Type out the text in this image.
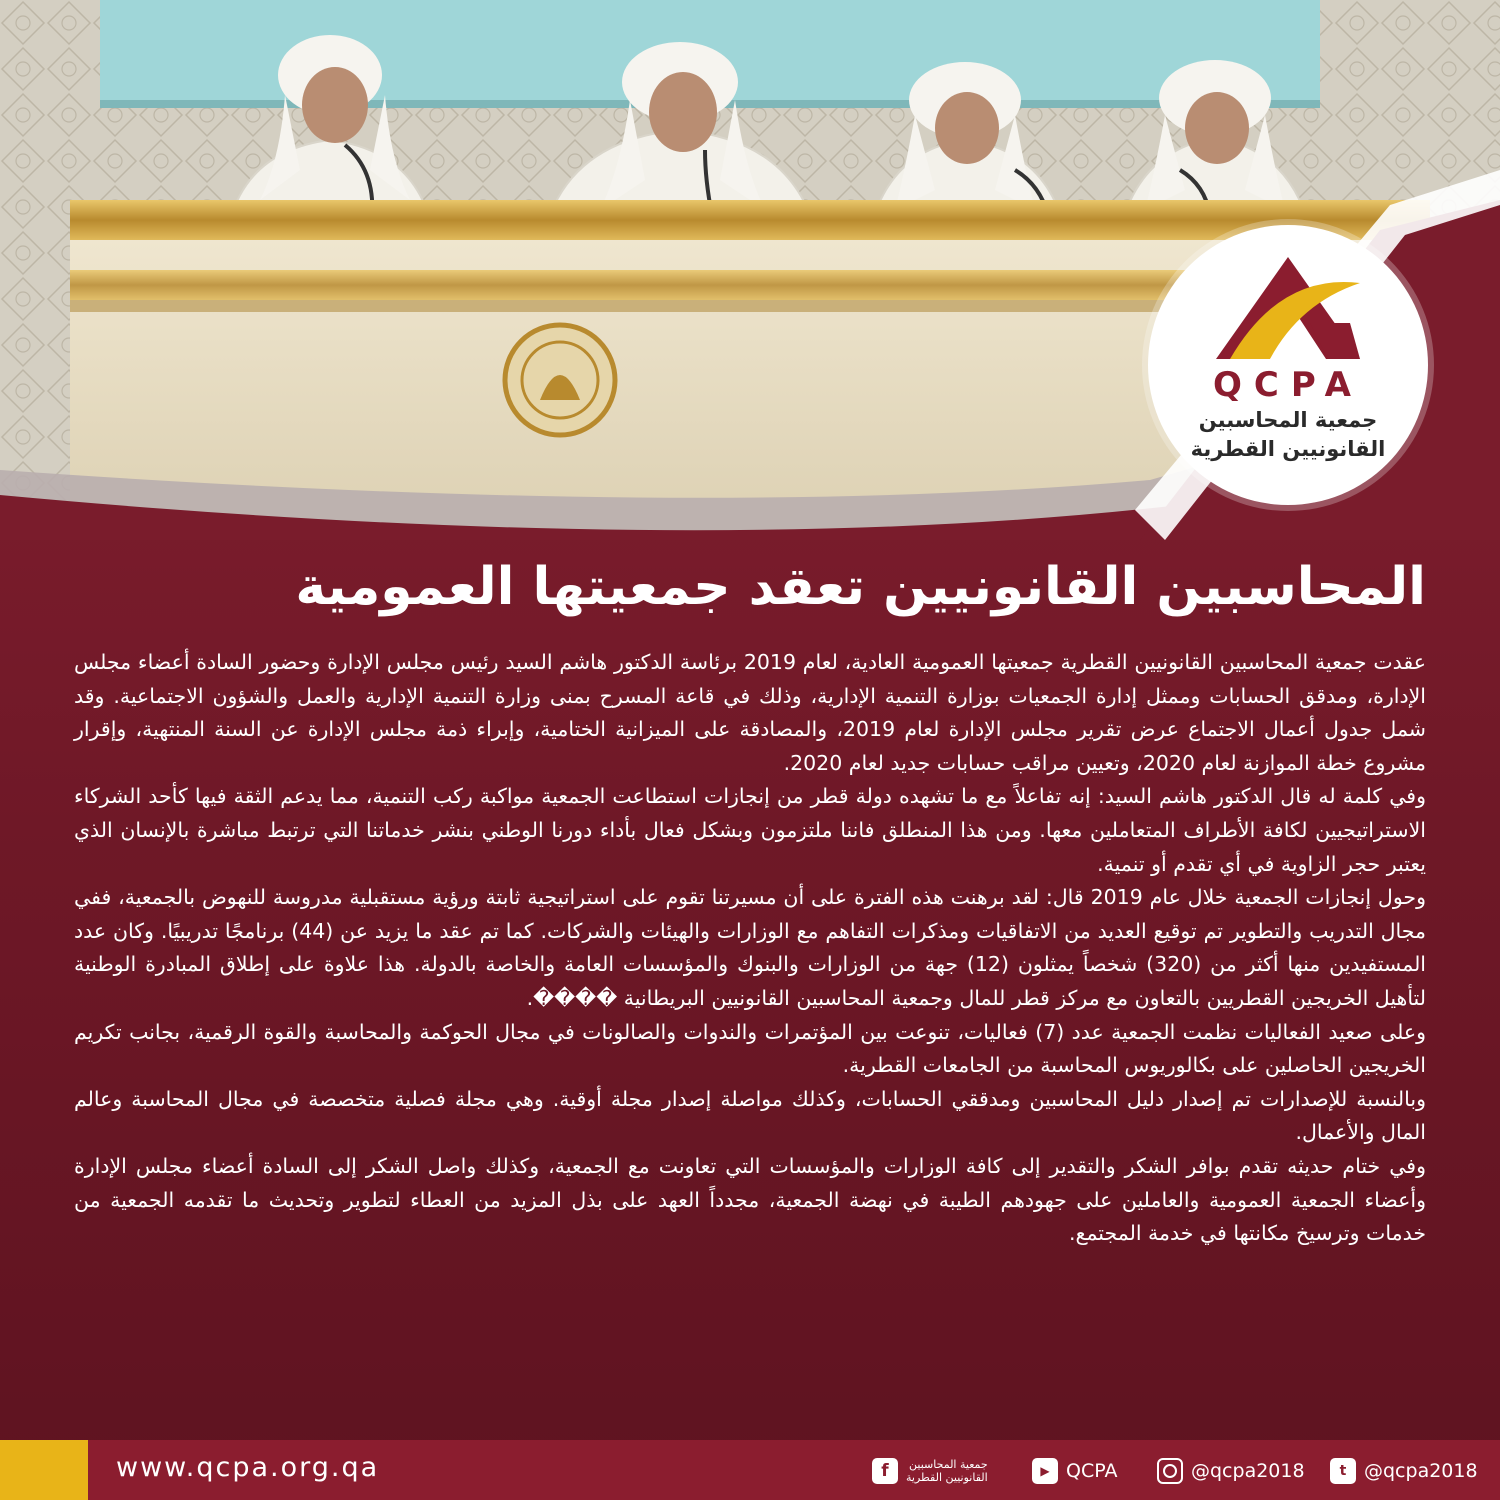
QCPA
جمعية المحاسبين
القانونيين القطرية
المحاسبين القانونيين تعقد جمعيتها العمومية

عقدت جمعية المحاسبين القانونيين القطرية جمعيتها العمومية العادية، لعام 2019 برئاسة الدكتور هاشم السيد رئيس مجلس الإدارة وحضور السادة أعضاء مجلس الإدارة، ومدقق الحسابات وممثل إدارة الجمعيات بوزارة التنمية الإدارية، وذلك في قاعة المسرح بمنى وزارة التنمية الإدارية والعمل والشؤون الاجتماعية. وقد شمل جدول أعمال الاجتماع عرض تقرير مجلس الإدارة لعام 2019، والمصادقة على الميزانية الختامية، وإبراء ذمة مجلس الإدارة عن السنة المنتهية، وإقرار مشروع خطة الموازنة لعام 2020، وتعيين مراقب حسابات جديد لعام 2020.

وفي كلمة له قال الدكتور هاشم السيد: إنه تفاعلاً مع ما تشهده دولة قطر من إنجازات استطاعت الجمعية مواكبة ركب التنمية، مما يدعم الثقة فيها كأحد الشركاء الاستراتيجيين لكافة الأطراف المتعاملين معها. ومن هذا المنطلق فاننا ملتزمون وبشكل فعال بأداء دورنا الوطني بنشر خدماتنا التي ترتبط مباشرة بالإنسان الذي يعتبر حجر الزاوية في أي تقدم أو تنمية.

وحول إنجازات الجمعية خلال عام 2019 قال: لقد برهنت هذه الفترة على أن مسيرتنا تقوم على استراتيجية ثابتة ورؤية مستقبلية مدروسة للنهوض بالجمعية، ففي مجال التدريب والتطوير تم توقيع العديد من الاتفاقيات ومذكرات التفاهم مع الوزارات والهيئات والشركات. كما تم عقد ما يزيد عن (44) برنامجًا تدريبيًا. وكان عدد المستفيدين منها أكثر من (320) شخصاً يمثلون (12) جهة من الوزارات والبنوك والمؤسسات العامة والخاصة بالدولة. هذا علاوة على إطلاق المبادرة الوطنية لتأهيل الخريجين القطريين بالتعاون مع مركز قطر للمال وجمعية المحاسبين القانونيين البريطانية ����.

وعلى صعيد الفعاليات نظمت الجمعية عدد (7) فعاليات، تنوعت بين المؤتمرات والندوات والصالونات في مجال الحوكمة والمحاسبة والقوة الرقمية، بجانب تكريم الخريجين الحاصلين على بكالوريوس المحاسبة من الجامعات القطرية.

وبالنسبة للإصدارات تم إصدار دليل المحاسبين ومدققي الحسابات، وكذلك مواصلة إصدار مجلة أوقية. وهي مجلة فصلية متخصصة في مجال المحاسبة وعالم المال والأعمال.

وفي ختام حديثه تقدم بوافر الشكر والتقدير إلى كافة الوزارات والمؤسسات التي تعاونت مع الجمعية، وكذلك واصل الشكر إلى السادة أعضاء مجلس الإدارة وأعضاء الجمعية العمومية والعاملين على جهودهم الطيبة في نهضة الجمعية، مجدداً العهد على بذل المزيد من العطاء لتطوير وتحديث ما تقدمه الجمعية من خدمات وترسيخ مكانتها في خدمة المجتمع.

www.qcpa.org.qa	f	جمعية المحاسبين
القانونيين القطرية	▶ QCPA	@qcpa2018	t @qcpa2018
